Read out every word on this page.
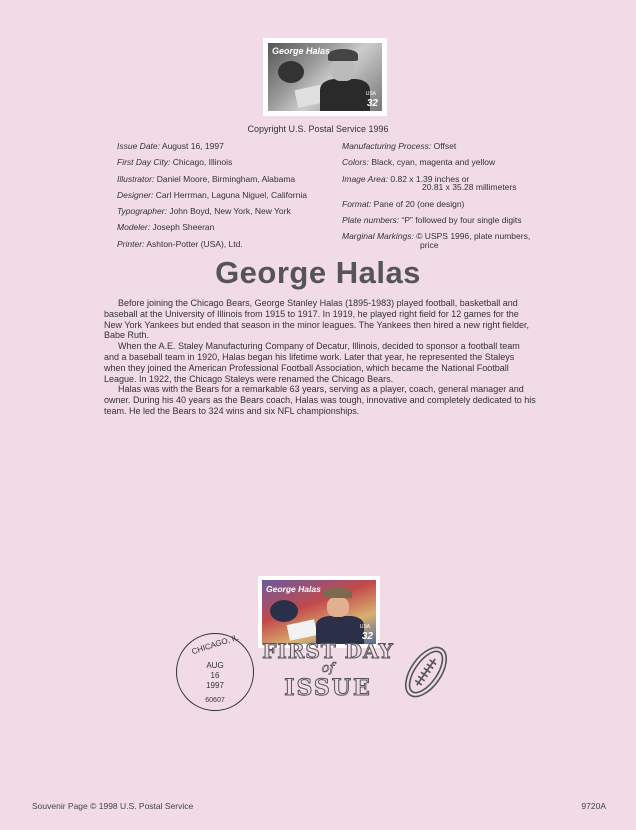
George Halas
USA
32
Copyright U.S. Postal Service 1996
Issue Date: August 16, 1997
First Day City: Chicago, Illinois
Illustrator: Daniel Moore, Birmingham, Alabama
Designer: Carl Herrman, Laguna Niguel, California
Typographer: John Boyd, New York, New York
Modeler: Joseph Sheeran
Printer: Ashton-Potter (USA), Ltd.
Manufacturing Process: Offset
Colors: Black, cyan, magenta and yellow
Image Area: 0.82 x 1.39 inches or
20.81 x 35.28 millimeters
Format: Pane of 20 (one design)
Plate numbers: “P” followed by four single digits
Marginal Markings: © USPS 1996, plate numbers,
price
George Halas

Before joining the Chicago Bears, George Stanley Halas (1895-1983) played football, basketball and baseball at the University of Illinois from 1915 to 1917. In 1919, he played right field for 12 games for the New York Yankees but ended that season in the minor leagues. The Yankees then hired a new right fielder, Babe Ruth.

When the A.E. Staley Manufacturing Company of Decatur, Illinois, decided to sponsor a football team and a baseball team in 1920, Halas began his lifetime work. Later that year, he represented the Staleys when they joined the American Professional Football Association, which became the National Football League. In 1922, the Chicago Staleys were renamed the Chicago Bears.

Halas was with the Bears for a remarkable 63 years, serving as a player, coach, general manager and owner. During his 40 years as the Bears coach, Halas was tough, innovative and completely dedicated to his team. He led the Bears to 324 wins and six NFL championships.

CHICAGO, IL
AUG
16
1997
60607
George Halas
USA
32
FIRST DAY
of
ISSUE
Souvenir Page © 1998 U.S. Postal Service	9720A
